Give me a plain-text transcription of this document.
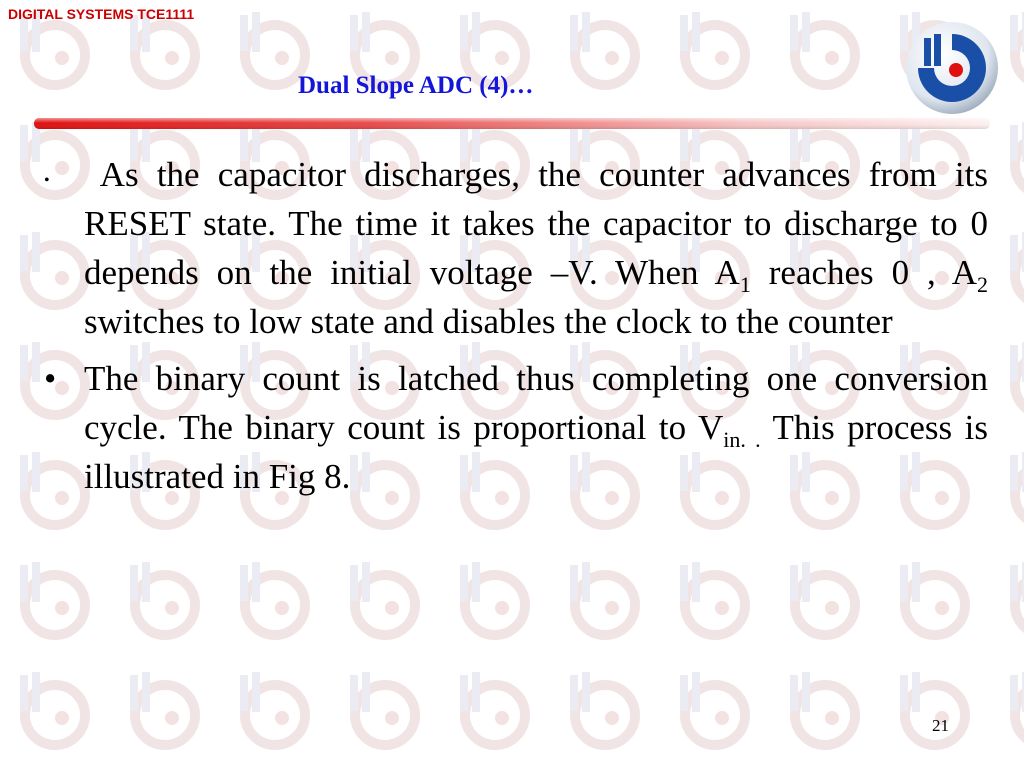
DIGITAL SYSTEMS TCE1111
Dual Slope ADC (4)…
• As the capacitor discharges, the counter advances from its RESET state. The time it takes the capacitor to discharge to 0 depends on the initial voltage –V. When $A_1$ reaches 0 , $A_2$ switches to low state and disables the clock to the counter
• The binary count is latched thus completing one conversion cycle. The binary count is proportional to $V_{in. .}$ This process is illustrated in Fig 8.
21
